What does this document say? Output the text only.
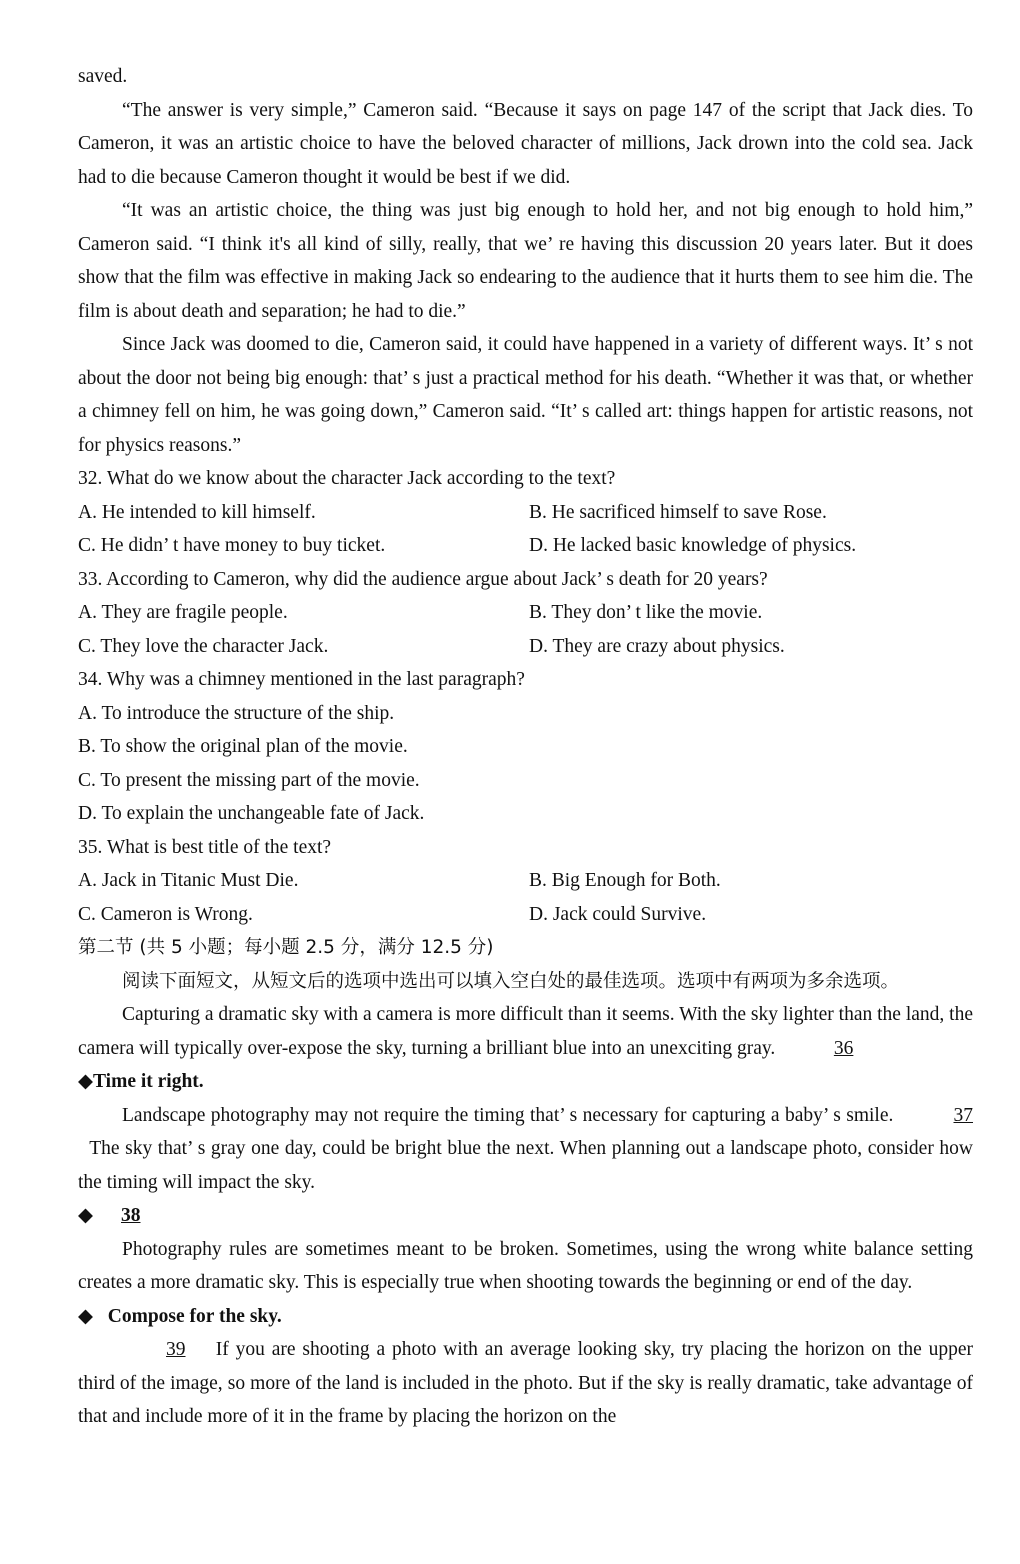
saved.

“The answer is very simple,” Cameron said. “Because it says on page 147 of the script that Jack dies. To Cameron, it was an artistic choice to have the beloved character of millions, Jack drown into the cold sea. Jack had to die because Cameron thought it would be best if we did.

“It was an artistic choice, the thing was just big enough to hold her, and not big enough to hold him,” Cameron said. “I think it's all kind of silly, really, that we’ re having this discussion 20 years later. But it does show that the film was effective in making Jack so endearing to the audience that it hurts them to see him die. The film is about death and separation; he had to die.”

Since Jack was doomed to die, Cameron said, it could have happened in a variety of different ways. It’ s not about the door not being big enough: that’ s just a practical method for his death. “Whether it was that, or whether a chimney fell on him, he was going down,” Cameron said. “It’ s called art: things happen for artistic reasons, not for physics reasons.”

32. What do we know about the character Jack according to the text?

A. He intended to kill himself.	B. He sacrificed himself to save Rose.
C. He didn’ t have money to buy ticket.	D. He lacked basic knowledge of physics.

33. According to Cameron, why did the audience argue about Jack’ s death for 20 years?

A. They are fragile people.	B. They don’ t like the movie.
C. They love the character Jack.	D. They are crazy about physics.

34. Why was a chimney mentioned in the last paragraph?

A. To introduce the structure of the ship.

B. To show the original plan of the movie.

C. To present the missing part of the movie.

D. To explain the unchangeable fate of Jack.

35. What is best title of the text?

A. Jack in Titanic Must Die.	B. Big Enough for Both.
C. Cameron is Wrong.	D. Jack could Survive.

第二节 (共 5 小题；每小题 2.5 分，满分 12.5 分)

阅读下面短文，从短文后的选项中选出可以填入空白处的最佳选项。选项中有两项为多余选项。

Capturing a dramatic sky with a camera is more difficult than it seems. With the sky lighter than the land, the camera will typically over-expose the sky, turning a brilliant blue into an unexciting gray.	36

◆Time it right.

Landscape photography may not require the timing that’ s necessary for capturing a baby’ s smile.	37  The sky that’ s gray one day, could be bright blue the next. When planning out a landscape photo, consider how the timing will impact the sky.

◆ 38

Photography rules are sometimes meant to be broken. Sometimes, using the wrong white balance setting creates a more dramatic sky. This is especially true when shooting towards the beginning or end of the day.

◆ Compose for the sky.

39 If you are shooting a photo with an average looking sky, try placing the horizon on the upper third of the image, so more of the land is included in the photo. But if the sky is really dramatic, take advantage of that and include more of it in the frame by placing the horizon on the
